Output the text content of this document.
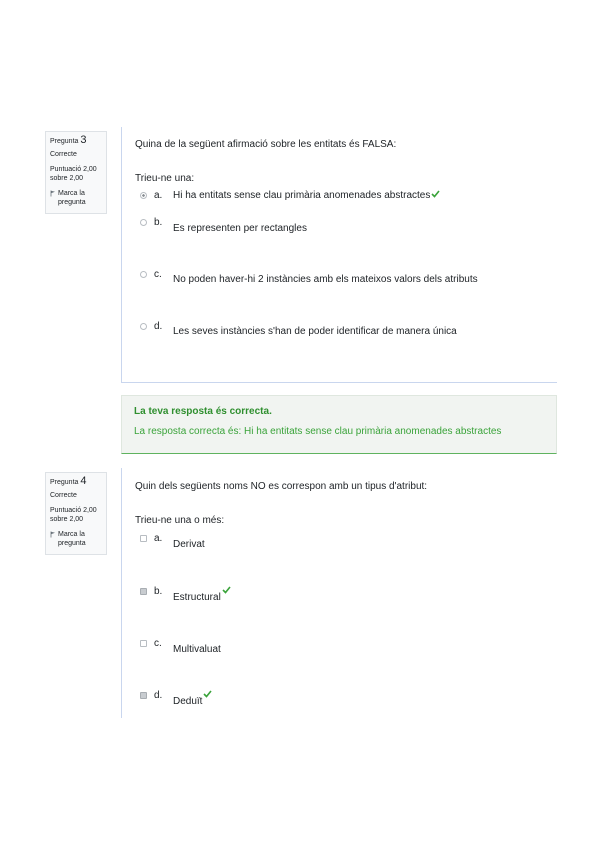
Pregunta 3
Correcte
Puntuació 2,00 sobre 2,00
Marca la pregunta
Quina de la següent afirmació sobre les entitats és FALSA:
Trieu-ne una:
a.	Hi ha entitats sense clau primària anomenades abstractes
b.
Es representen per rectangles
c.	No poden haver-hi 2 instàncies amb els mateixos valors dels atributs
d.	Les seves instàncies s'han de poder identificar de manera única
La teva resposta és correcta.
La resposta correcta és: Hi ha entitats sense clau primària anomenades abstractes
Pregunta 4
Correcte
Puntuació 2,00 sobre 2,00
Marca la pregunta
Quin dels següents noms NO es correspon amb un tipus d'atribut:
Trieu-ne una o més:
a.
Derivat
b.
Estructural
c.
Multivaluat
d.
Deduït
